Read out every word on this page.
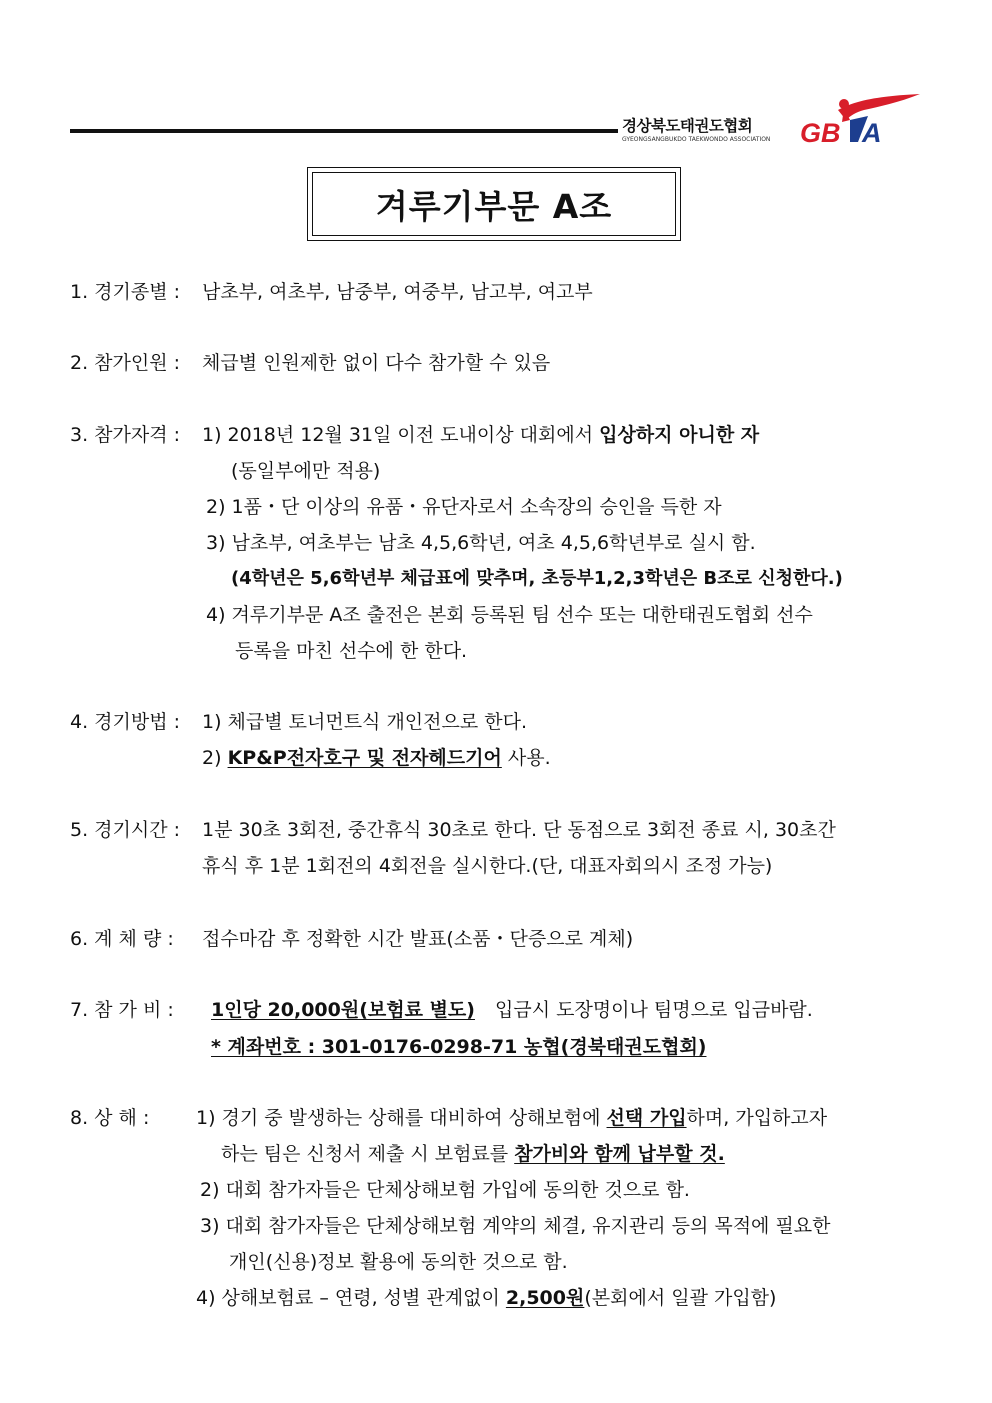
경상북도태권도협회
GYEONGSANGBUKDO TAEKWONDO ASSOCIATION	GB A
겨루기부문 A조
1. 경기종별 : 남초부, 여초부, 남중부, 여중부, 남고부, 여고부
2. 참가인원 : 체급별 인원제한 없이 다수 참가할 수 있음
3. 참가자격 : 1) 2018년 12월 31일 이전 도내이상 대회에서 입상하지 아니한 자
(동일부에만 적용)
2) 1품・단 이상의 유품・유단자로서 소속장의 승인을 득한 자
3) 남초부, 여초부는 남초 4,5,6학년, 여초 4,5,6학년부로 실시 함.
(4학년은 5,6학년부 체급표에 맞추며, 초등부1,2,3학년은 B조로 신청한다.)
4) 겨루기부문 A조 출전은 본회 등록된 팀 선수 또는 대한태권도협회 선수
등록을 마친 선수에 한 한다.
4. 경기방법 : 1) 체급별 토너먼트식 개인전으로 한다.
2) KP&P전자호구 및 전자헤드기어 사용.
5. 경기시간 : 1분 30초 3회전, 중간휴식 30초로 한다. 단 동점으로 3회전 종료 시, 30초간
휴식 후 1분 1회전의 4회전을 실시한다.(단, 대표자회의시 조정 가능)
6. 계 체 량 : 접수마감 후 정확한 시간 발표(소품・단증으로 계체)
7. 참 가 비 : 1인당 20,000원(보험료 별도) 입금시 도장명이나 팀명으로 입금바람.
* 계좌번호 : 301-0176-0298-71 농협(경북태권도협회)
8. 상 해 : 1) 경기 중 발생하는 상해를 대비하여 상해보험에 선택 가입하며, 가입하고자
하는 팀은 신청서 제출 시 보험료를 참가비와 함께 납부할 것.
2) 대회 참가자들은 단체상해보험 가입에 동의한 것으로 함.
3) 대회 참가자들은 단체상해보험 계약의 체결, 유지관리 등의 목적에 필요한
개인(신용)정보 활용에 동의한 것으로 함.
4) 상해보험료 – 연령, 성별 관계없이 2,500원(본회에서 일괄 가입함)
